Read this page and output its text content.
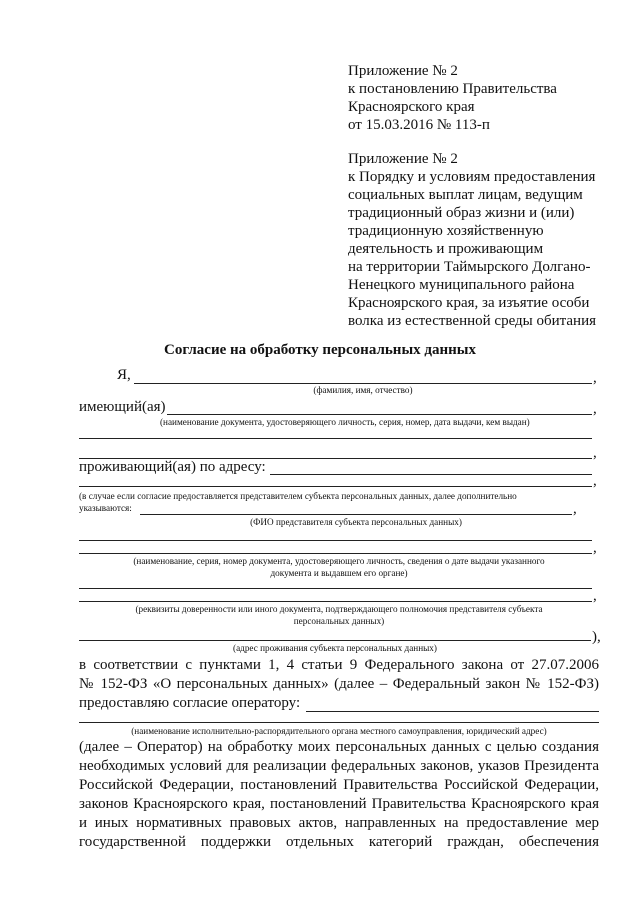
Приложение № 2
к постановлению Правительства
Красноярского края
от 15.03.2016 № 113-п
Приложение № 2
к Порядку и условиям предоставления
социальных выплат лицам, ведущим
традиционный образ жизни и (или)
традиционную хозяйственную
деятельность и проживающим
на территории Таймырского Долгано-
Ненецкого муниципального района
Красноярского края, за изъятие особи
волка из естественной среды обитания
Согласие на обработку персональных данных
Я,	,
(фамилия, имя, отчество)
имеющий(ая)	,
(наименование документа, удостоверяющего личность, серия, номер, дата выдачи, кем выдан)
,
проживающий(ая) по адресу:
,
(в случае если согласие предоставляется представителем субъекта персональных данных, далее дополнительно
указываются:	,
(ФИО представителя субъекта персональных данных)
,
(наименование, серия, номер документа, удостоверяющего личность, сведения о дате выдачи указанного
документа и выдавшем его органе)
,
(реквизиты доверенности или иного документа, подтверждающего полномочия представителя субъекта
персональных данных)
),
(адрес проживания субъекта персональных данных)
в соответствии с пунктами 1, 4 статьи 9 Федерального закона от 27.07.2006
№ 152-ФЗ «О персональных данных» (далее – Федеральный закон № 152-ФЗ)
предоставляю согласие оператору:
(наименование исполнительно-распорядительного органа местного самоуправления, юридический адрес)
(далее – Оператор) на обработку моих персональных данных с целью создания
необходимых условий для реализации федеральных законов, указов Президента
Российской Федерации, постановлений Правительства Российской Федерации,
законов Красноярского края, постановлений Правительства Красноярского края
и иных нормативных правовых актов, направленных на предоставление мер
государственной поддержки отдельных категорий граждан, обеспечения
